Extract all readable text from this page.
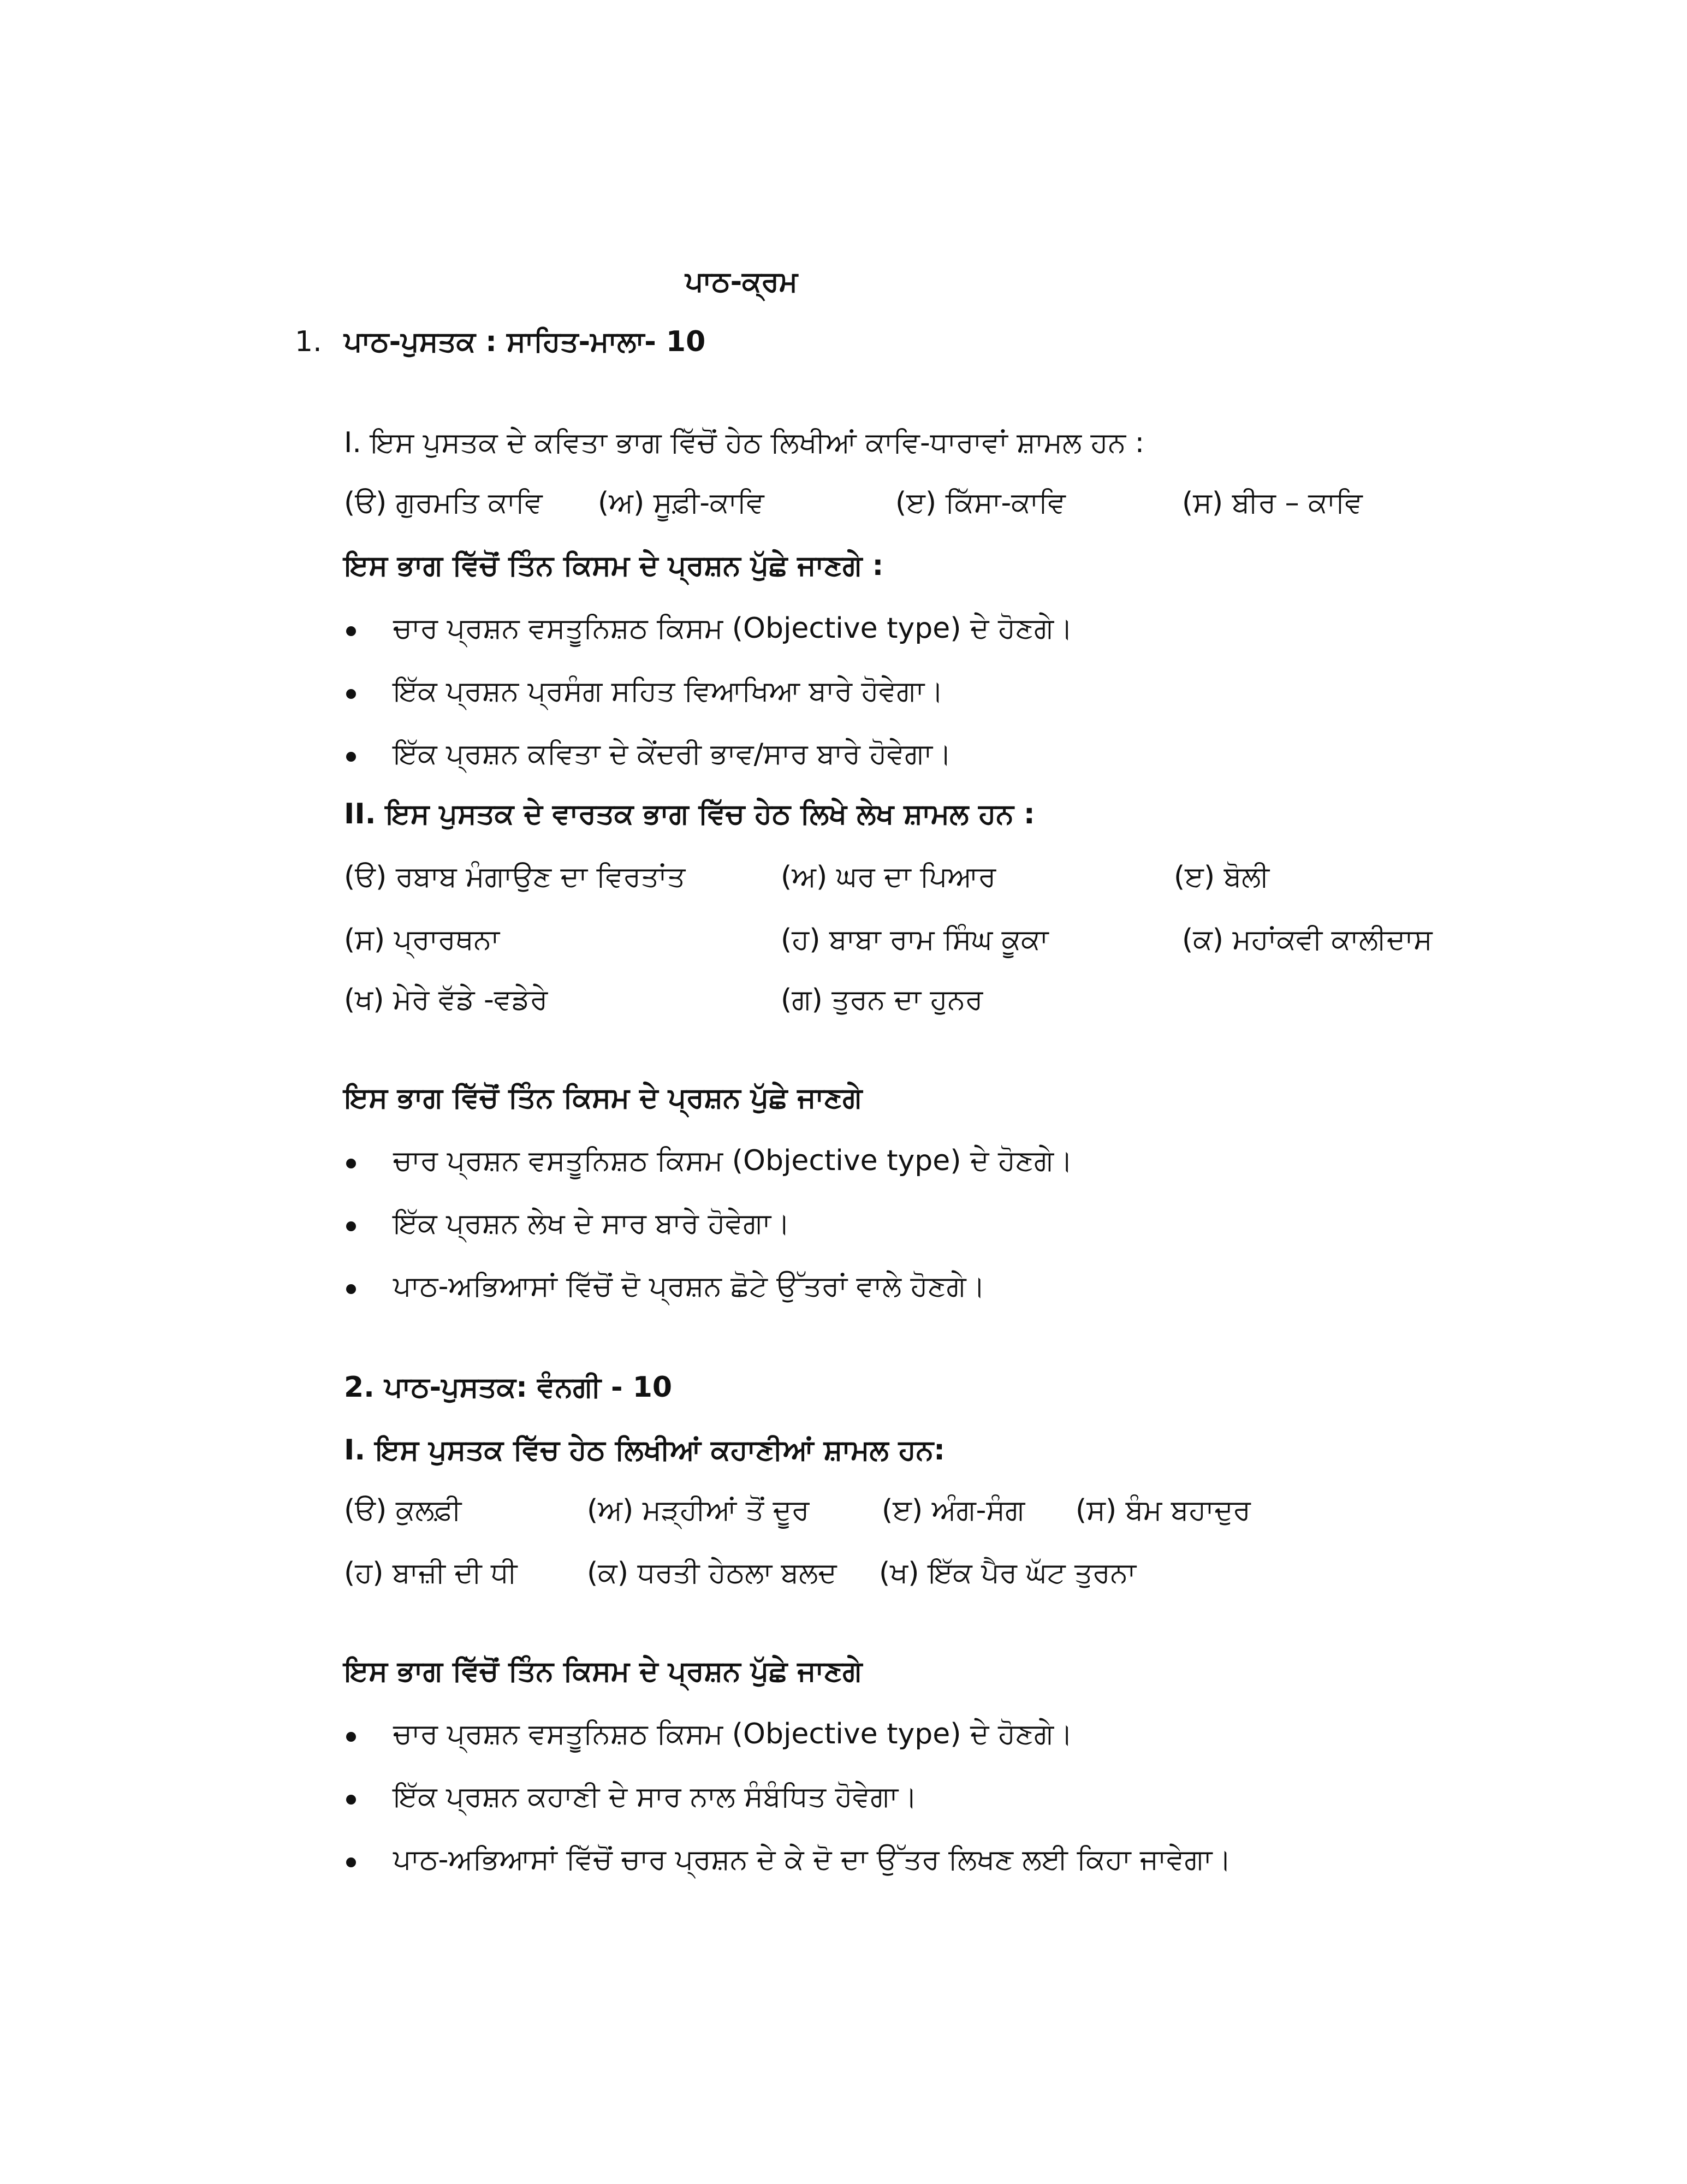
ਪਾਠ-ਕ੍ਰਮ
1. ਪਾਠ-ਪੁਸਤਕ : ਸਾਹਿਤ-ਮਾਲਾ- 10
I. ਇਸ ਪੁਸਤਕ ਦੇ ਕਵਿਤਾ ਭਾਗ ਵਿੱਚੋਂ ਹੇਠ ਲਿਖੀਆਂ ਕਾਵਿ-ਧਾਰਾਵਾਂ ਸ਼ਾਮਲ ਹਨ :
(ੳ) ਗੁਰਮਤਿ ਕਾਵਿ (ਅ) ਸੂਫ਼ੀ-ਕਾਵਿ	(ੲ) ਕਿੱਸਾ-ਕਾਵਿ	(ਸ) ਬੀਰ – ਕਾਵਿ
ਇਸ ਭਾਗ ਵਿੱਚੋਂ ਤਿੰਨ ਕਿਸਮ ਦੇ ਪ੍ਰਸ਼ਨ ਪੁੱਛੇ ਜਾਣਗੇ :
ਚਾਰ ਪ੍ਰਸ਼ਨ ਵਸਤੂਨਿਸ਼ਠ ਕਿਸਮ (Objective type) ਦੇ ਹੋਣਗੇ।
ਇੱਕ ਪ੍ਰਸ਼ਨ ਪ੍ਰਸੰਗ ਸਹਿਤ ਵਿਆਖਿਆ ਬਾਰੇ ਹੋਵੇਗਾ।
ਇੱਕ ਪ੍ਰਸ਼ਨ ਕਵਿਤਾ ਦੇ ਕੇਂਦਰੀ ਭਾਵ/ਸਾਰ ਬਾਰੇ ਹੋਵੇਗਾ।
II. ਇਸ ਪੁਸਤਕ ਦੇ ਵਾਰਤਕ ਭਾਗ ਵਿੱਚ ਹੇਠ ਲਿਖੇ ਲੇਖ ਸ਼ਾਮਲ ਹਨ :
(ੳ) ਰਬਾਬ ਮੰਗਾਉਣ ਦਾ ਵਿਰਤਾਂਤ	(ਅ) ਘਰ ਦਾ ਪਿਆਰ	(ੲ) ਬੋਲੀ
(ਸ) ਪ੍ਰਾਰਥਨਾ	(ਹ) ਬਾਬਾ ਰਾਮ ਸਿੰਘ ਕੂਕਾ	(ਕ) ਮਹਾਂਕਵੀ ਕਾਲੀਦਾਸ
(ਖ) ਮੇਰੇ ਵੱਡੇ -ਵਡੇਰੇ	(ਗ) ਤੁਰਨ ਦਾ ਹੁਨਰ
ਇਸ ਭਾਗ ਵਿੱਚੋਂ ਤਿੰਨ ਕਿਸਮ ਦੇ ਪ੍ਰਸ਼ਨ ਪੁੱਛੇ ਜਾਣਗੇ
ਚਾਰ ਪ੍ਰਸ਼ਨ ਵਸਤੂਨਿਸ਼ਠ ਕਿਸਮ (Objective type) ਦੇ ਹੋਣਗੇ।
ਇੱਕ ਪ੍ਰਸ਼ਨ ਲੇਖ ਦੇ ਸਾਰ ਬਾਰੇ ਹੋਵੇਗਾ।
ਪਾਠ-ਅਭਿਆਸਾਂ ਵਿੱਚੋਂ ਦੋ ਪ੍ਰਸ਼ਨ ਛੋਟੇ ਉੱਤਰਾਂ ਵਾਲੇ ਹੋਣਗੇ।
2. ਪਾਠ-ਪੁਸਤਕ: ਵੰਨਗੀ - 10
I. ਇਸ ਪੁਸਤਕ ਵਿੱਚ ਹੇਠ ਲਿਖੀਆਂ ਕਹਾਣੀਆਂ ਸ਼ਾਮਲ ਹਨ:
(ੳ) ਕੁਲਫ਼ੀ	(ਅ) ਮੜ੍ਹੀਆਂ ਤੋਂ ਦੂਰ	(ੲ) ਅੰਗ-ਸੰਗ (ਸ) ਬੰਮ ਬਹਾਦੁਰ
(ਹ) ਬਾਜ਼ੀ ਦੀ ਧੀ (ਕ) ਧਰਤੀ ਹੇਠਲਾ ਬਲਦ (ਖ) ਇੱਕ ਪੈਰ ਘੱਟ ਤੁਰਨਾ
ਇਸ ਭਾਗ ਵਿੱਚੋਂ ਤਿੰਨ ਕਿਸਮ ਦੇ ਪ੍ਰਸ਼ਨ ਪੁੱਛੇ ਜਾਣਗੇ
ਚਾਰ ਪ੍ਰਸ਼ਨ ਵਸਤੂਨਿਸ਼ਠ ਕਿਸਮ (Objective type) ਦੇ ਹੋਣਗੇ।
ਇੱਕ ਪ੍ਰਸ਼ਨ ਕਹਾਣੀ ਦੇ ਸਾਰ ਨਾਲ ਸੰਬੰਧਿਤ ਹੋਵੇਗਾ।
ਪਾਠ-ਅਭਿਆਸਾਂ ਵਿੱਚੋਂ ਚਾਰ ਪ੍ਰਸ਼ਨ ਦੇ ਕੇ ਦੋ ਦਾ ਉੱਤਰ ਲਿਖਣ ਲਈ ਕਿਹਾ ਜਾਵੇਗਾ।
